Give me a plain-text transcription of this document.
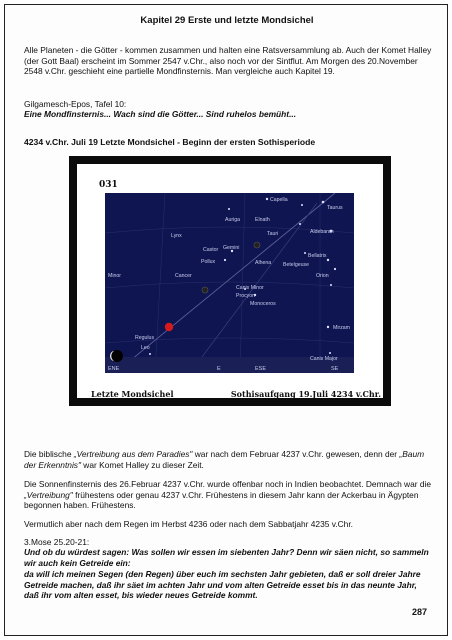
Kapitel 29 Erste und letzte Mondsichel
Alle Planeten - die Götter - kommen zusammen und halten eine Ratsversammlung ab. Auch der Komet Halley (der Gott Baal) erscheint im Sommer 2547 v.Chr., also noch vor der Sintflut. Am Morgen des 20.November 2548 v.Chr. geschieht eine partielle Mondfinsternis. Man vergleiche auch Kapitel 19.
Gilgamesch-Epos, Tafel 10:
Eine Mondfinsternis... Wach sind die Götter... Sind ruhelos bemüht...
4234 v.Chr. Juli 19 Letzte Mondsichel - Beginn der ersten Sothisperiode
031
Capella
Auriga	Elnath
Taurus
Lynx	Tauri	Aldebaran
Castor Gemini
Pollux	Alhena
Bellatrix
Betelgeuse
Orion
Minor	Cancer
Canis Minor
Procyon
Monoceros
Regulus
Leo
Mirzam
Canis Major
ENE	E	ESE	SE
Letzte Mondsichel	Sothisaufgang 19.Juli 4234 v.Chr.
Die biblische „Vertreibung aus dem Paradies" war nach dem Februar 4237 v.Chr. gewesen, denn der „Baum der Erkenntnis" war Komet Halley zu dieser Zeit.
Die Sonnenfinsternis des 26.Februar 4237 v.Chr. wurde offenbar noch in Indien beobachtet. Demnach war die „Vertreibung" frühestens oder genau 4237 v.Chr. Frühestens in diesem Jahr kann der Ackerbau in Ägypten begonnen haben. Frühestens.
Vermutlich aber nach dem Regen im Herbst 4236 oder nach dem Sabbatjahr 4235 v.Chr.
3.Mose 25.20-21:
Und ob du würdest sagen: Was sollen wir essen im siebenten Jahr? Denn wir säen nicht, so sammeln wir auch kein Getreide ein:
da will ich meinen Segen (den Regen) über euch im sechsten Jahr gebieten, daß er soll dreier Jahre Getreide machen, daß ihr säet im achten Jahr und vom alten Getreide esset bis in das neunte Jahr, daß ihr vom alten esset, bis wieder neues Getreide kommt.
287
